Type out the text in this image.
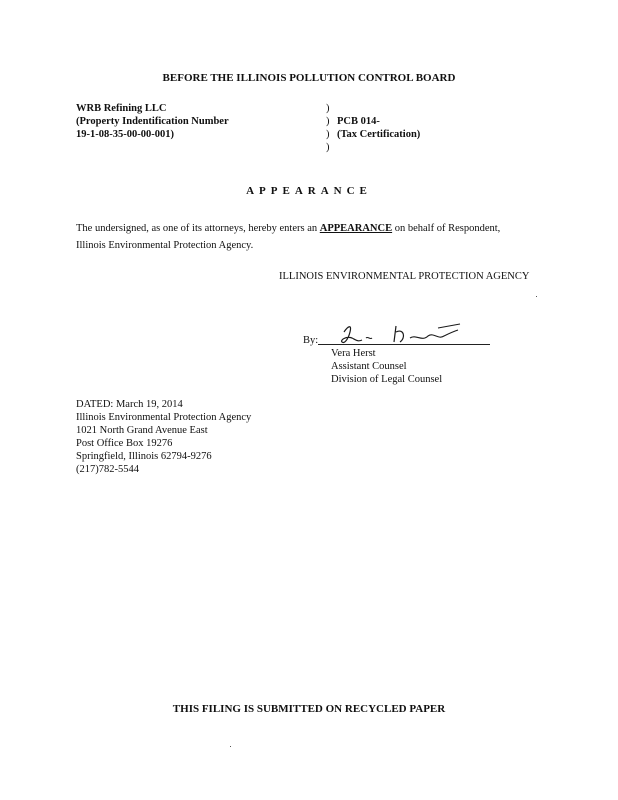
BEFORE THE ILLINOIS POLLUTION CONTROL BOARD
WRB Refining LLC
(Property Indentification Number
19-1-08-35-00-00-001)
)
)
)
)
PCB 014-
(Tax Certification)
APPEARANCE
The undersigned, as one of its attorneys, hereby enters an APPEARANCE on behalf of Respondent,
Illinois Environmental Protection Agency.
ILLINOIS ENVIRONMENTAL PROTECTION AGENCY
By:
Vera Herst
Assistant Counsel
Division of Legal Counsel
DATED: March 19, 2014
Illinois Environmental Protection Agency
1021 North Grand Avenue East
Post Office Box 19276
Springfield, Illinois 62794-9276
(217)782-5544
THIS FILING IS SUBMITTED ON RECYCLED PAPER
